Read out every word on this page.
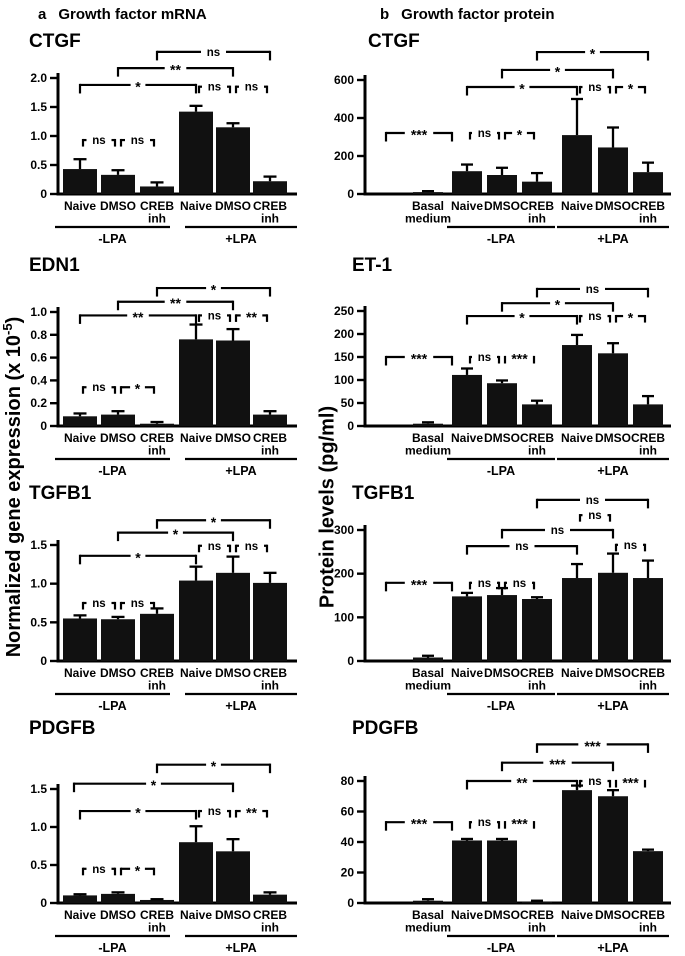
CTGF
0
0.5
1.0
1.5
2.0
Naive DMSO CREB
inh
Naive DMSO CREB
inh
-LPA	+LPA
ns
**
*	ns ns
ns ns
CTGF
0
200
400
600
Basal
medium
Naive DMSO CREB
inh
Naive DMSO CREB
inh
-LPA	+LPA
*
*
*	ns *
***	ns *
EDN1
0
0.2
0.4
0.6
0.8
1.0
Naive DMSO CREB
inh
Naive DMSO CREB
inh
-LPA	+LPA
*
**
**	ns **
ns *
ET-1
0
50
100
150
200
250
Basal
medium
Naive DMSO CREB
inh
Naive DMSO CREB
inh
-LPA	+LPA
ns
*
*	ns *
***	ns ***
TGFB1
0
0.5
1.0
1.5
Naive DMSO CREB
inh
Naive DMSO CREB
inh
-LPA	+LPA
*
*
*
ns ns
ns ns
TGFB1
0
100
200
300
Basal
medium
Naive DMSO CREB
inh
Naive DMSO CREB
inh
-LPA	+LPA
ns
ns
ns
ns	ns
***	ns ns
PDGFB
0
0.5
1.0
1.5
Naive DMSO CREB
inh
Naive DMSO CREB
inh
-LPA	+LPA
*
*
*	ns **
ns *
PDGFB
0
20
40
60
80
Basal
medium
Naive DMSO CREB
inh
Naive DMSO CREB
inh
-LPA	+LPA
***
***
**	ns ***
***	ns ***
a Growth factor mRNA	b Growth factor protein
Normalized gene expression (x $10^{-5}$)
Protein levels (pg/ml)
